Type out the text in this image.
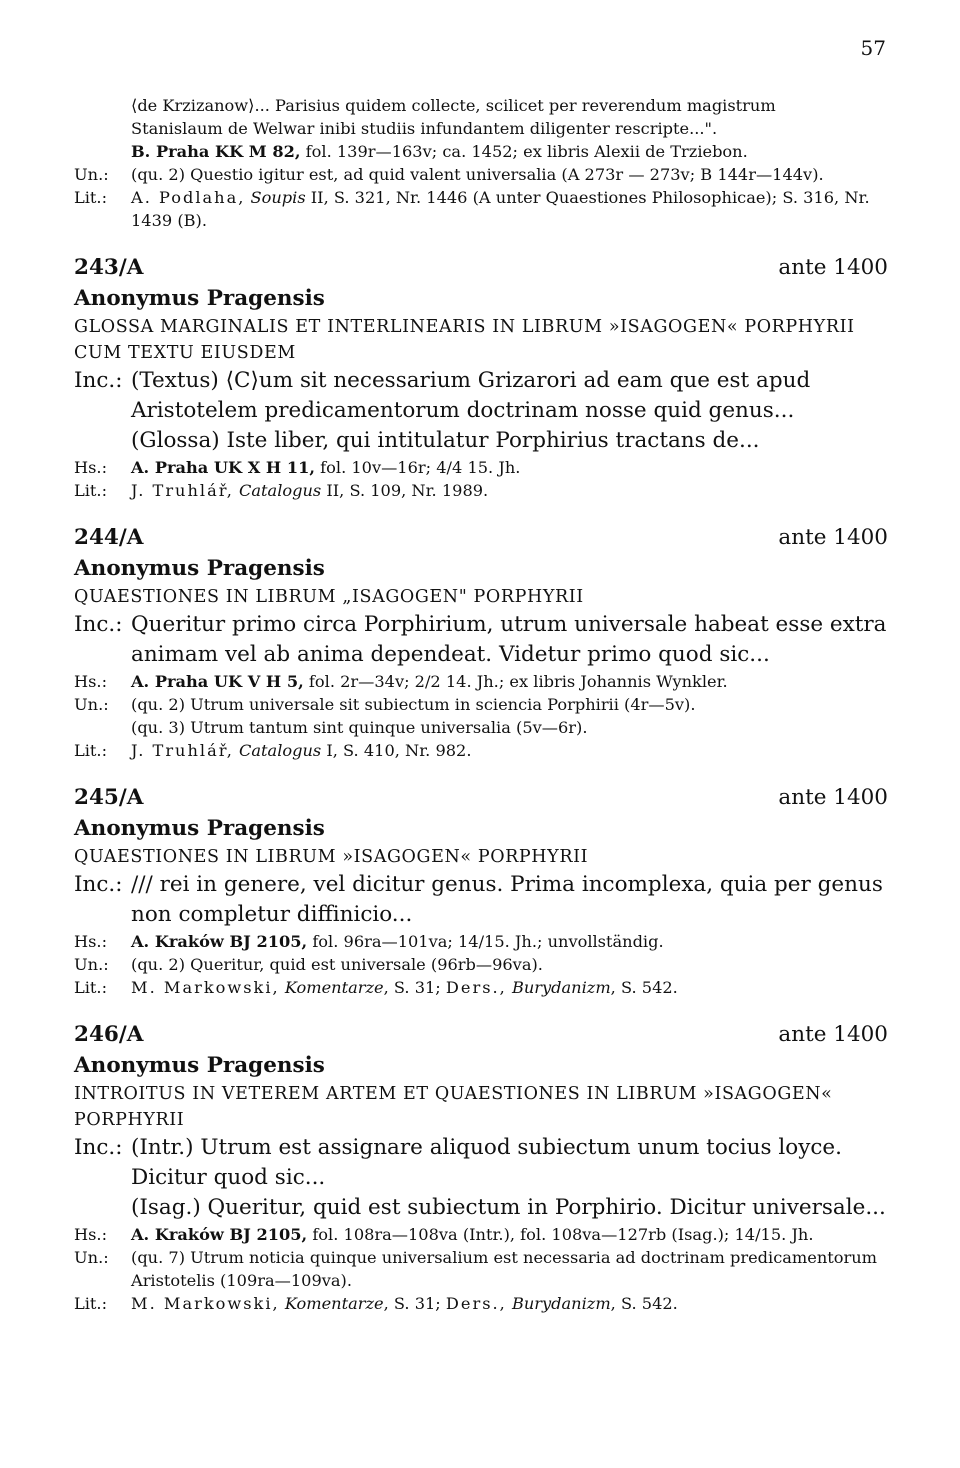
57
⟨de Krzizanow⟩... Parisius quidem collecte, scilicet per reverendum magistrum
Stanislaum de Welwar inibi studiis infundantem diligenter rescripte...".
B. Praha KK M 82, fol. 139r—163v; ca. 1452; ex libris Alexii de Trziebon.
Un.:	(qu. 2) Questio igitur est, ad quid valent universalia (A 273r — 273v; B 144r—144v).
Lit.:	A. Podlaha, Soupis II, S. 321, Nr. 1446 (A unter Quaestiones Philosophicae); S. 316, Nr. 1439 (B).
243/A	ante 1400
Anonymus Pragensis
GLOSSA MARGINALIS ET INTERLINEARIS IN LIBRUM »ISAGOGEN« PORPHYRII CUM TEXTU EIUSDEM
Inc.: (Textus) ⟨C⟩um sit necessarium Grizarori ad eam que est apud Aristotelem predicamentorum doctrinam nosse quid genus...
(Glossa) Iste liber, qui intitulatur Porphirius tractans de...
Hs.:	A. Praha UK X H 11, fol. 10v—16r; 4/4 15. Jh.
Lit.:	J. Truhlář, Catalogus II, S. 109, Nr. 1989.
244/A	ante 1400
Anonymus Pragensis
QUAESTIONES IN LIBRUM „ISAGOGEN" PORPHYRII
Inc.: Queritur primo circa Porphirium, utrum universale habeat esse extra animam vel ab anima dependeat. Videtur primo quod sic...
Hs.:	A. Praha UK V H 5, fol. 2r—34v; 2/2 14. Jh.; ex libris Johannis Wynkler.
Un.:	(qu. 2) Utrum universale sit subiectum in sciencia Porphirii (4r—5v).
(qu. 3) Utrum tantum sint quinque universalia (5v—6r).
Lit.:	J. Truhlář, Catalogus I, S. 410, Nr. 982.
245/A	ante 1400
Anonymus Pragensis
QUAESTIONES IN LIBRUM »ISAGOGEN« PORPHYRII
Inc.: /// rei in genere, vel dicitur genus. Prima incomplexa, quia per genus non completur diffinicio...
Hs.:	A. Kraków BJ 2105, fol. 96ra—101va; 14/15. Jh.; unvollständig.
Un.:	(qu. 2) Queritur, quid est universale (96rb—96va).
Lit.:	M. Markowski, Komentarze, S. 31; Ders., Burydanizm, S. 542.
246/A	ante 1400
Anonymus Pragensis
INTROITUS IN VETEREM ARTEM ET QUAESTIONES IN LIBRUM »ISAGOGEN« PORPHYRII
Inc.: (Intr.) Utrum est assignare aliquod subiectum unum tocius loyce. Dicitur quod sic...
(Isag.) Queritur, quid est subiectum in Porphirio. Dicitur universale...
Hs.:	A. Kraków BJ 2105, fol. 108ra—108va (Intr.), fol. 108va—127rb (Isag.); 14/15. Jh.
Un.:	(qu. 7) Utrum noticia quinque universalium est necessaria ad doctrinam predicamentorum Aristotelis (109ra—109va).
Lit.:	M. Markowski, Komentarze, S. 31; Ders., Burydanizm, S. 542.
